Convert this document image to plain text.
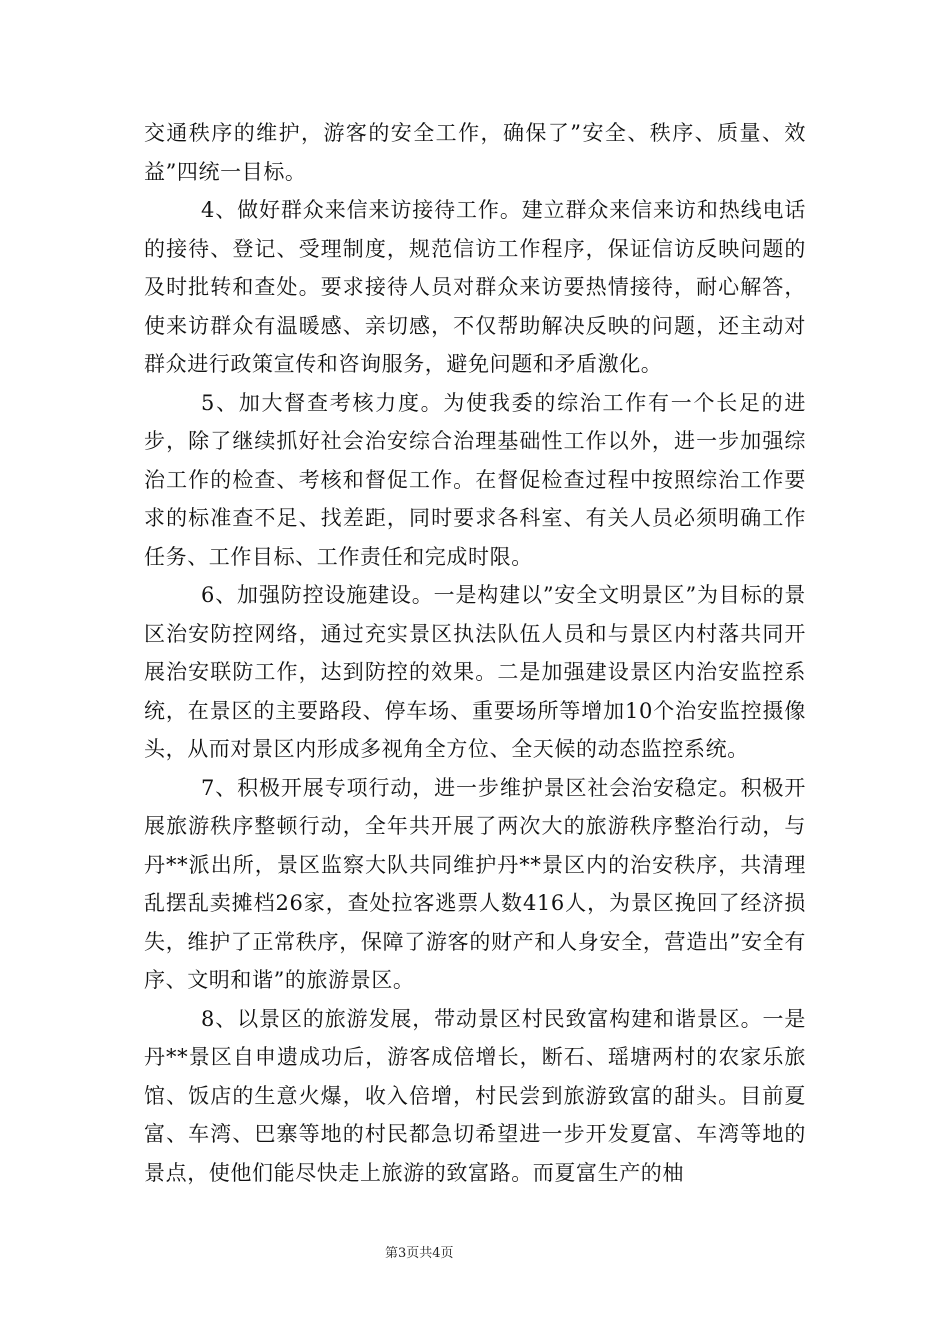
交通秩序的维护，游客的安全工作，确保了”安全、秩序、质量、效益”四统一目标。

4、做好群众来信来访接待工作。建立群众来信来访和热线电话的接待、登记、受理制度，规范信访工作程序，保证信访反映问题的及时批转和查处。要求接待人员对群众来访要热情接待，耐心解答，使来访群众有温暖感、亲切感，不仅帮助解决反映的问题，还主动对群众进行政策宣传和咨询服务，避免问题和矛盾激化。

5、加大督查考核力度。为使我委的综治工作有一个长足的进步，除了继续抓好社会治安综合治理基础性工作以外，进一步加强综治工作的检查、考核和督促工作。在督促检查过程中按照综治工作要求的标准查不足、找差距，同时要求各科室、有关人员必须明确工作任务、工作目标、工作责任和完成时限。

6、加强防控设施建设。一是构建以”安全文明景区”为目标的景区治安防控网络，通过充实景区执法队伍人员和与景区内村落共同开展治安联防工作，达到防控的效果。二是加强建设景区内治安监控系统，在景区的主要路段、停车场、重要场所等增加10个治安监控摄像头，从而对景区内形成多视角全方位、全天候的动态监控系统。

7、积极开展专项行动，进一步维护景区社会治安稳定。积极开展旅游秩序整顿行动，全年共开展了两次大的旅游秩序整治行动，与丹**派出所，景区监察大队共同维护丹**景区内的治安秩序，共清理乱摆乱卖摊档26家，查处拉客逃票人数416人，为景区挽回了经济损失，维护了正常秩序，保障了游客的财产和人身安全，营造出”安全有序、文明和谐”的旅游景区。

8、以景区的旅游发展，带动景区村民致富构建和谐景区。一是丹**景区自申遗成功后，游客成倍增长，断石、瑶塘两村的农家乐旅馆、饭店的生意火爆，收入倍增，村民尝到旅游致富的甜头。目前夏富、车湾、巴寨等地的村民都急切希望进一步开发夏富、车湾等地的景点，使他们能尽快走上旅游的致富路。而夏富生产的柚

第3页共4页
